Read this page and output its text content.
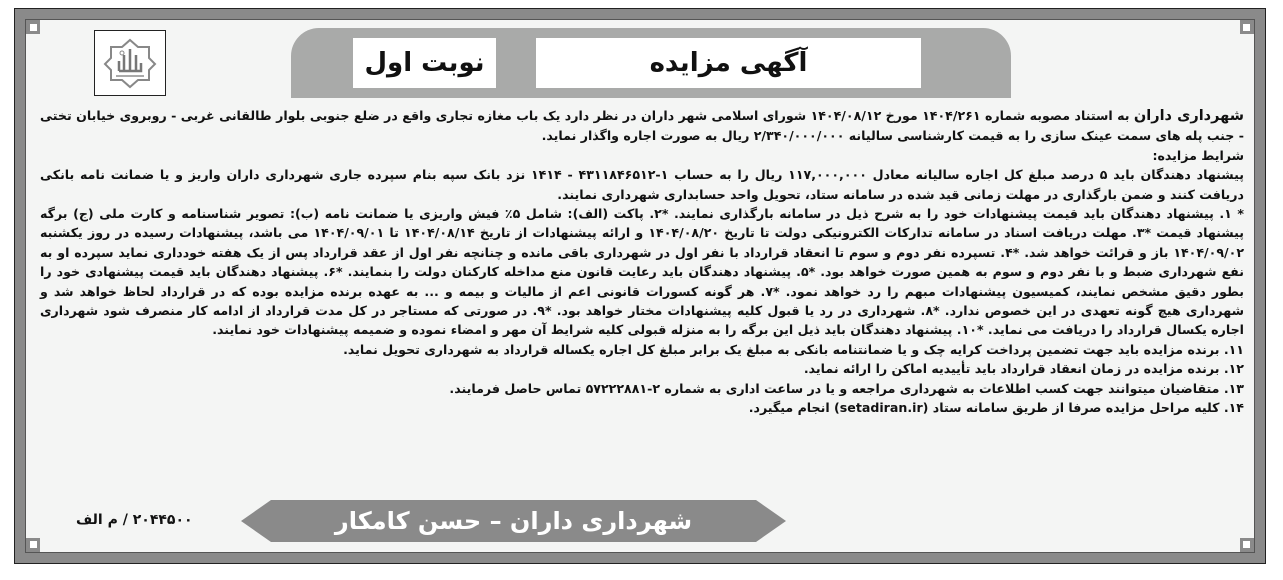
آگهی مزایده
نوبت اول

شهرداری داران به استناد مصوبه شماره ۱۴۰۴/۲۶۱ مورخ ۱۴۰۴/۰۸/۱۲ شورای اسلامی شهر داران در نظر دارد یک باب مغازه تجاری واقع در ضلع جنوبی بلوار طالقانی غربی - روبروی خیابان تختی - جنب پله های سمت عینک سازی را به قیمت کارشناسی سالیانه ۲/۳۴۰/۰۰۰/۰۰۰ ریال به صورت اجاره واگذار نماید.

شرایط مزایده:

پیشنهاد دهندگان باید ۵ درصد مبلغ کل اجاره سالیانه معادل ۱۱۷,۰۰۰,۰۰۰ ریال را به حساب ۱-۴۳۱۱۸۴۶۵۱۲ - ۱۴۱۴ نزد بانک سپه بنام سپرده جاری شهرداری داران واریز و یا ضمانت نامه بانکی دریافت کنند و ضمن بارگذاری در مهلت زمانی قید شده در سامانه ستاد، تحویل واحد حسابداری شهرداری نمایند.

* ۱. پیشنهاد دهندگان باید قیمت پیشنهادات خود را به شرح ذیل در سامانه بارگذاری نمایند. *۲. پاکت (الف): شامل ۵٪ فیش واریزی یا ضمانت نامه (ب): تصویر شناسنامه و کارت ملی (ج) برگه پیشنهاد قیمت *۳. مهلت دریافت اسناد در سامانه تدارکات الکترونیکی دولت تا تاریخ ۱۴۰۴/۰۸/۲۰ و ارائه پیشنهادات از تاریخ ۱۴۰۴/۰۸/۱۴ تا ۱۴۰۴/۰۹/۰۱ می باشد، پیشنهادات رسیده در روز یکشنبه ۱۴۰۴/۰۹/۰۲ باز و قرائت خواهد شد. *۴. تسپرده نفر دوم و سوم تا انعقاد قرارداد با نفر اول در شهرداری باقی مانده و چنانچه نفر اول از عقد قرارداد پس از یک هفته خودداری نماید سپرده او به نفع شهرداری ضبط و با نفر دوم و سوم به همین صورت خواهد بود. *۵. پیشنهاد دهندگان باید رعایت قانون منع مداخله کارکنان دولت را بنمایند. *۶. پیشنهاد دهندگان باید قیمت پیشنهادی خود را بطور دقیق مشخص نمایند، کمیسیون پیشنهادات مبهم را رد خواهد نمود. *۷. هر گونه کسورات قانونی اعم از مالیات و بیمه و ... به عهده برنده مزایده بوده که در قرارداد لحاظ خواهد شد و شهرداری هیچ گونه تعهدی در این خصوص ندارد. *۸. شهرداری در رد یا قبول کلیه پیشنهادات مختار خواهد بود. *۹. در صورتی که مستاجر در کل مدت قرارداد از ادامه کار منصرف شود شهرداری اجاره یکسال قرارداد را دریافت می نماید. *۱۰. پیشنهاد دهندگان باید ذیل این برگه را به منزله قبولی کلیه شرایط آن مهر و امضاء نموده و ضمیمه پیشنهادات خود نمایند.

۱۱. برنده مزایده باید جهت تضمین پرداخت کرایه چک و یا ضمانتنامه بانکی به مبلغ یک برابر مبلغ کل اجاره یکساله قرارداد به شهرداری تحویل نماید.

۱۲. برنده مزایده در زمان انعقاد قرارداد باید تأییدیه اماکن را ارائه نماید.

۱۳. متقاضیان میتوانند جهت کسب اطلاعات به شهرداری مراجعه و یا در ساعت اداری به شماره ۲-۵۷۲۲۲۸۸۱ تماس حاصل فرمایند.

۱۴. کلیه مراحل مزایده صرفا از طریق سامانه ستاد (setadiran.ir) انجام میگیرد.

شهرداری داران – حسن کامکار
۲۰۴۴۵۰۰ / م الف
